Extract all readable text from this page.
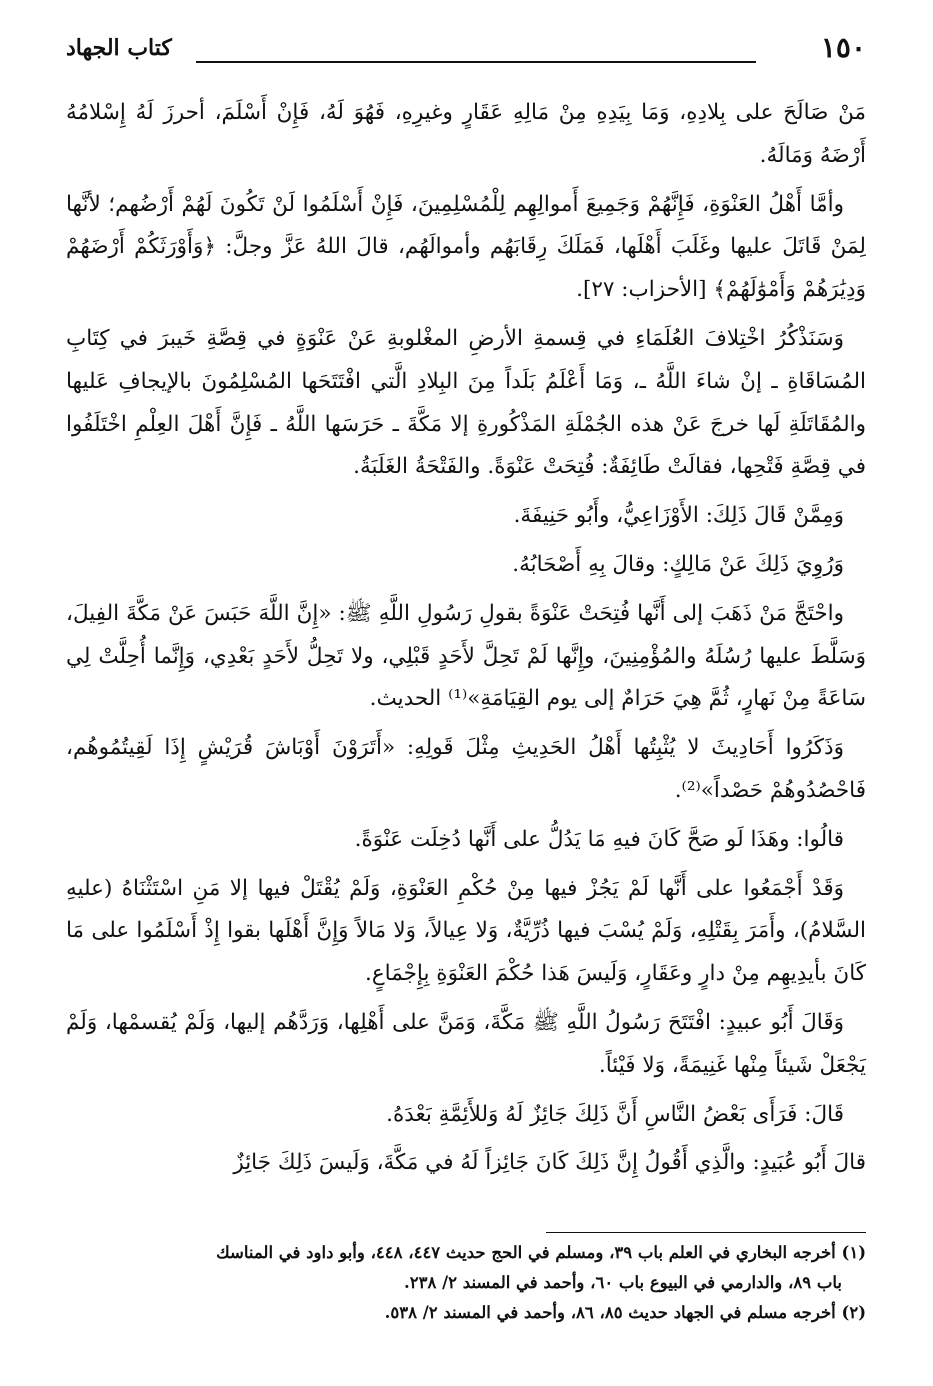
١٥٠
كتاب الجهاد

مَنْ صَالَحَ على بِلادِهِ، وَمَا بِيَدِهِ مِنْ مَالِهِ عَقَارٍ وغيرِهِ، فَهُوَ لَهُ، فَإِنْ أَسْلَمَ، أحرزَ لَهُ إِسْلامُهُ أَرْضَهُ وَمَالَهُ.

وأمَّا أَهْلُ العَنْوَةِ، فَإِنَّهُمْ وَجَمِيعَ أَموالِهِم لِلْمُسْلِمِينَ، فَإِنْ أَسْلَمُوا لَنْ تَكُونَ لَهُمْ أَرْضُهم؛ لأنَّها لِمَنْ قَاتَلَ عليها وغَلَبَ أَهْلَها، فَمَلَكَ رِقَابَهُم وأموالَهُم، قالَ اللهُ عَزَّ وجلَّ: ﴿وَأَوْرَثَكُمْ أَرْضَهُمْ وَدِيَٰرَهُمْ وَأَمْوَٰلَهُمْ﴾ [الأحزاب: ٢٧].

وَسَنَذْكُرُ اخْتِلافَ العُلَمَاءِ في قِسمةِ الأرضِ المغْلوبةِ عَنْ عَنْوَةٍ في قِصَّةِ خَيبرَ في كِتَابِ المُسَاقَاةِ ـ إنْ شاءَ اللَّهُ ـ، وَمَا أَعْلَمُ بَلَداً مِنَ البِلادِ الَّتي افْتَتَحَها المُسْلِمُونَ بالإيجافِ عَليها والمُقَاتَلَةِ لَها خرجَ عَنْ هذه الجُمْلَةِ المَذْكُورةِ إلا مَكَّةَ ـ حَرَسَها اللَّهُ ـ فَإِنَّ أَهْلَ العِلْمِ اخْتَلَفُوا في قِصَّةِ فَتْحِها، فقالَتْ طَائِفَةٌ: فُتِحَتْ عَنْوَةً. والفَتْحَةُ الغَلَبَةُ.

وَمِمَّنْ قَالَ ذَلِكَ: الأَوْزَاعِيُّ، وأَبُو حَنِيفَةَ.

وَرُوِيَ ذَلِكَ عَنْ مَالِكٍ: وقالَ بِهِ أَصْحَابُهُ.

واحْتَجَّ مَنْ ذَهَبَ إلى أَنَّها فُتِحَتْ عَنْوَةً بقولِ رَسُولِ اللَّهِ ﷺ: «إِنَّ اللَّهَ حَبَسَ عَنْ مَكَّةَ الفِيلَ، وَسَلَّطَ عليها رُسُلَهُ والمُؤْمِنِينَ، وإِنَّها لَمْ تَحِلَّ لأَحَدٍ قَبْلِي، ولا تَحِلُّ لأَحَدٍ بَعْدِي، وَإِنَّما أُحِلَّتْ لِي سَاعَةً مِنْ نَهارٍ، ثُمَّ هِيَ حَرَامٌ إلى يوم القِيَامَةِ»⁽¹⁾ الحديث.

وَذَكَرُوا أَحَادِيثَ لا يُثْبِتُها أَهْلُ الحَدِيثِ مِثْلَ قَولِهِ: «أَتَرَوْنَ أَوْبَاشَ قُرَيْشٍ إِذَا لَقِيتُمُوهُم، فَاحْصُدُوهُمْ حَصْداً»⁽²⁾.

قالُوا: وهَذَا لَو صَحَّ كَانَ فيهِ مَا يَدُلُّ على أَنَّها دُخِلَت عَنْوَةً.

وَقَدْ أَجْمَعُوا على أَنَّها لَمْ يَجُزْ فيها مِنْ حُكْمِ العَنْوَةِ، وَلَمْ يُقْتَلْ فيها إلا مَنِ اسْتَثْنَاهُ (عليهِ السَّلامُ)، وأَمَرَ بِقَتْلِهِ، وَلَمْ يُسْبَ فيها ذُرِّيَّةٌ، وَلا عِيالاً، وَلا مَالاً وَإِنَّ أَهْلَها بقوا إِذْ أَسْلَمُوا على مَا كَانَ بأيدِيهِم مِنْ دارٍ وعَقَارٍ، وَلَيسَ هَذا حُكْمَ العَنْوَةِ بِإِجْمَاعٍ.

وَقَالَ أَبُو عبيدٍ: افْتَتَحَ رَسُولُ اللَّهِ ﷺ مَكَّةَ، وَمَنَّ على أَهْلِها، وَرَدَّهُم إليها، وَلَمْ يُقسمْها، وَلَمْ يَجْعَلْ شَيئاً مِنْها غَنِيمَةً، وَلا فَيْئاً.

قَالَ: فَرَأَى بَعْضُ النَّاسِ أَنَّ ذَلِكَ جَائِزٌ لَهُ وَللأَئِمَّةِ بَعْدَهُ.

قالَ أَبُو عُبَيدٍ: والَّذِي أَقُولُ إِنَّ ذَلِكَ كَانَ جَائِزاً لَهُ في مَكَّةَ، وَلَيسَ ذَلِكَ جَائِزٌ

(١) أخرجه البخاري في العلم باب ٣٩، ومسلم في الحج حديث ٤٤٧، ٤٤٨، وأبو داود في المناسك

باب ٨٩، والدارمي في البيوع باب ٦٠، وأحمد في المسند ٢/ ٢٣٨.

(٢) أخرجه مسلم في الجهاد حديث ٨٥، ٨٦، وأحمد في المسند ٢/ ٥٣٨.
